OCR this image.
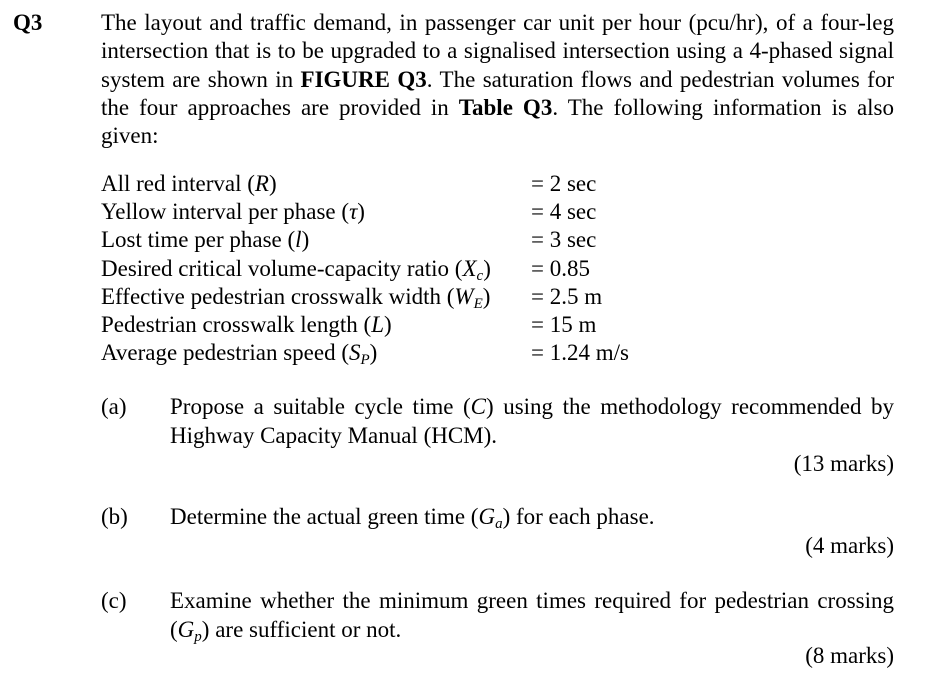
Q3	The layout and traffic demand, in passenger car unit per hour (pcu/hr), of a four-leg intersection that is to be upgraded to a signalised intersection using a 4-phased signal system are shown in FIGURE Q3. The saturation flows and pedestrian volumes for the four approaches are provided in Table Q3. The following information is also given:
All red interval (R)	= 2 sec
Yellow interval per phase (τ)	= 4 sec
Lost time per phase (l)	= 3 sec
Desired critical volume-capacity ratio $(X_c) = 0.85$
Effective pedestrian crosswalk width $(W_E) = 2.5$ m
Pedestrian crosswalk length (L)	= 15 m
Average pedestrian speed $(S_P)$	= 1.24 m/s
(a) Propose a suitable cycle time (C) using the methodology recommended by Highway Capacity Manual (HCM).
(13 marks)
(b) Determine the actual green time $(G_a)$ for each phase.
(4 marks)
(c) Examine whether the minimum green times required for pedestrian crossing $(G_p)$ are sufficient or not.
(8 marks)
